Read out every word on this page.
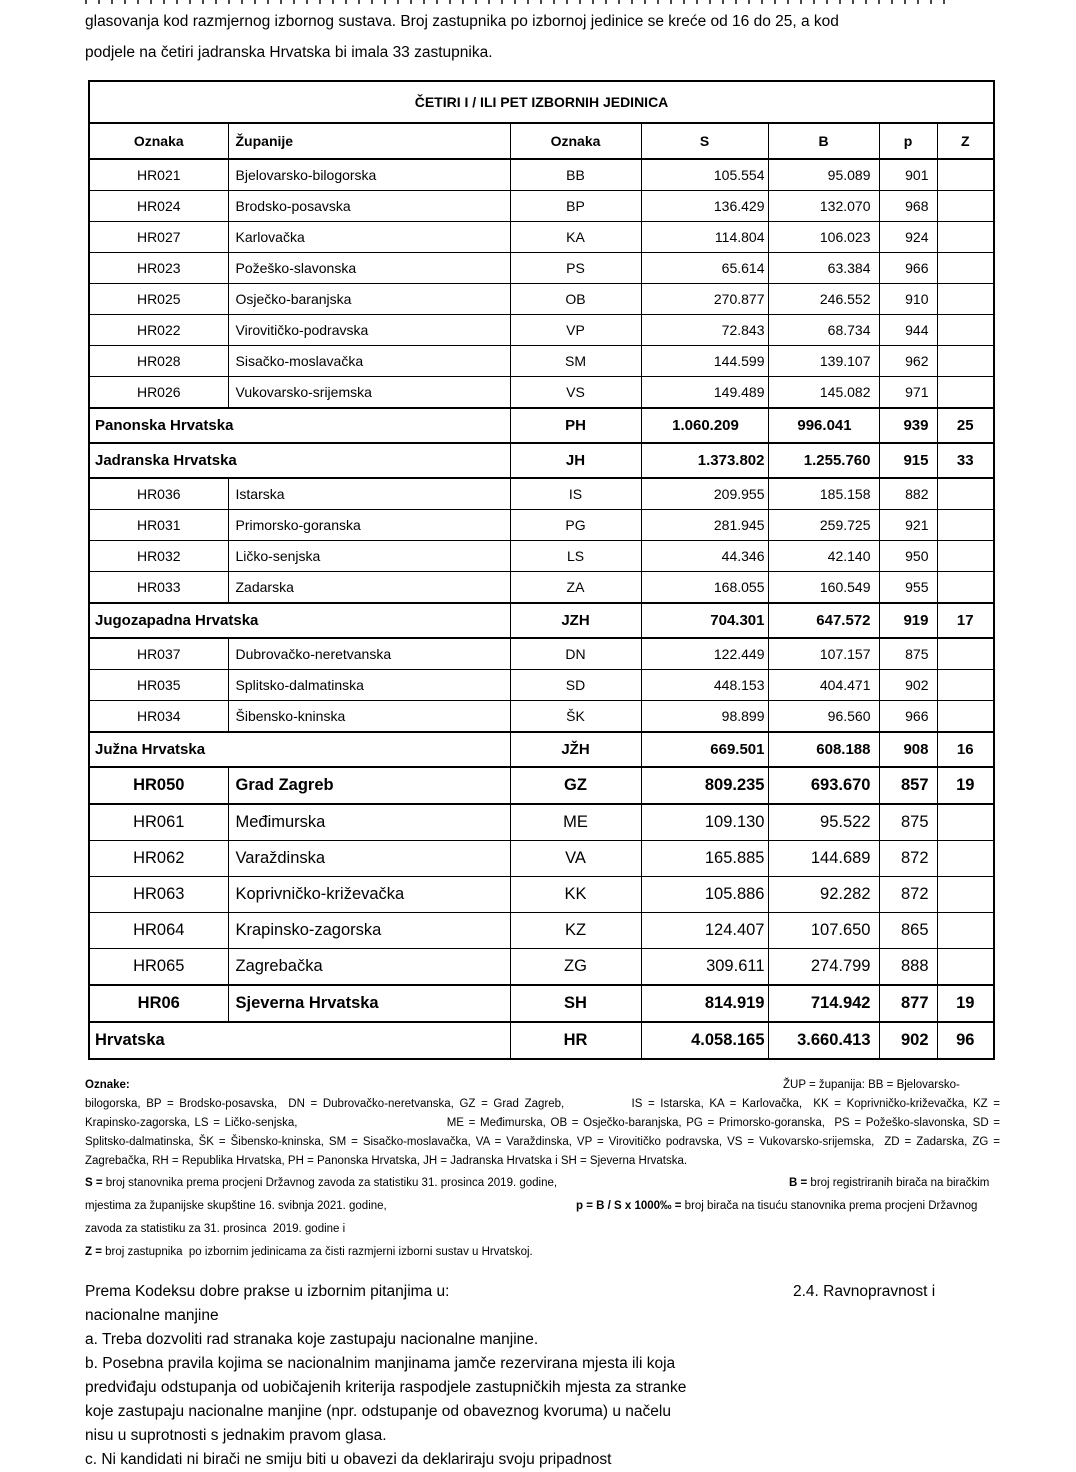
glasovanja kod razmjernog izbornog sustava. Broj zastupnika po izbornoj jedinice se kreće od 16 do 25, a kod
podjele na četiri jadranska Hrvatska bi imala 33 zastupnika.
ČETIRI I / ILI PET IZBORNIH JEDINICA						
Oznaka	Županije	Oznaka	S	B	p	Z
HR021	Bjelovarsko-bilogorska	BB	105.554	95.089	901	
HR024	Brodsko-posavska	BP	136.429	132.070	968	
HR027	Karlovačka	KA	114.804	106.023	924	
HR023	Požeško-slavonska	PS	65.614	63.384	966	
HR025	Osječko-baranjska	OB	270.877	246.552	910	
HR022	Virovitičko-podravska	VP	72.843	68.734	944	
HR028	Sisačko-moslavačka	SM	144.599	139.107	962	
HR026	Vukovarsko-srijemska	VS	149.489	145.082	971	
Panonska Hrvatska		PH	1.060.209	996.041	939	25
Jadranska Hrvatska		JH	1.373.802	1.255.760	915	33
HR036	Istarska	IS	209.955	185.158	882	
HR031	Primorsko-goranska	PG	281.945	259.725	921	
HR032	Ličko-senjska	LS	44.346	42.140	950	
HR033	Zadarska	ZA	168.055	160.549	955	
Jugozapadna Hrvatska		JZH	704.301	647.572	919	17
HR037	Dubrovačko-neretvanska	DN	122.449	107.157	875	
HR035	Splitsko-dalmatinska	SD	448.153	404.471	902	
HR034	Šibensko-kninska	ŠK	98.899	96.560	966	
Južna Hrvatska		JŽH	669.501	608.188	908	16
HR050	Grad Zagreb	GZ	809.235	693.670	857	19
HR061	Međimurska	ME	109.130	95.522	875	
HR062	Varaždinska	VA	165.885	144.689	872	
HR063	Koprivničko-križevačka	KK	105.886	92.282	872	
HR064	Krapinsko-zagorska	KZ	124.407	107.650	865	
HR065	Zagrebačka	ZG	309.611	274.799	888	
HR06	Sjeverna Hrvatska	SH	814.919	714.942	877	19
Hrvatska		HR	4.058.165	3.660.413	902	96
Oznake:	ŽUP = županija: BB = Bjelovarsko-
bilogorska, BP = Brodsko-posavska,  DN = Dubrovačko-neretvanska, GZ = Grad Zagreb,            IS = Istarska, KA = Karlovačka,  KK = Koprivničko-križevačka, KZ =
Krapinsko-zagorska, LS = Ličko-senjska,                                ME = Međimurska, OB = Osječko-baranjska, PG = Primorsko-goranska,  PS = Požeško-slavonska, SD =
Splitsko-dalmatinska, ŠK = Šibensko-kninska, SM = Sisačko-moslavačka, VA = Varaždinska, VP = Virovitičko podravska, VS = Vukovarsko-srijemska,  ZD = Zadarska, ZG =
Zagrebačka, RH = Republika Hrvatska, PH = Panonska Hrvatska, JH = Jadranska Hrvatska i SH = Sjeverna Hrvatska.
S = broj stanovnika prema procjeni Državnog zavoda za statistiku 31. prosinca 2019. godine,	B = broj registriranih birača na biračkim
mjestima za županijske skupštine 16. svibnja 2021. godine,	p = B / S x 1000‰ = broj birača na tisuću stanovnika prema procjeni Državnog
zavoda za statistiku za 31. prosinca  2019. godine i
Z = broj zastupnika  po izbornim jedinicama za čisti razmjerni izborni sustav u Hrvatskoj.
Prema Kodeksu dobre prakse u izbornim pitanjima u:	2.4. Ravnopravnost i
nacionalne manjine
a. Treba dozvoliti rad stranaka koje zastupaju nacionalne manjine.
b. Posebna pravila kojima se nacionalnim manjinama jamče rezervirana mjesta ili koja
predviđaju odstupanja od uobičajenih kriterija raspodjele zastupničkih mjesta za stranke
koje zastupaju nacionalne manjine (npr. odstupanje od obaveznog kvoruma) u načelu
nisu u suprotnosti s jednakim pravom glasa.
c. Ni kandidati ni birači ne smiju biti u obavezi da deklariraju svoju pripadnost
